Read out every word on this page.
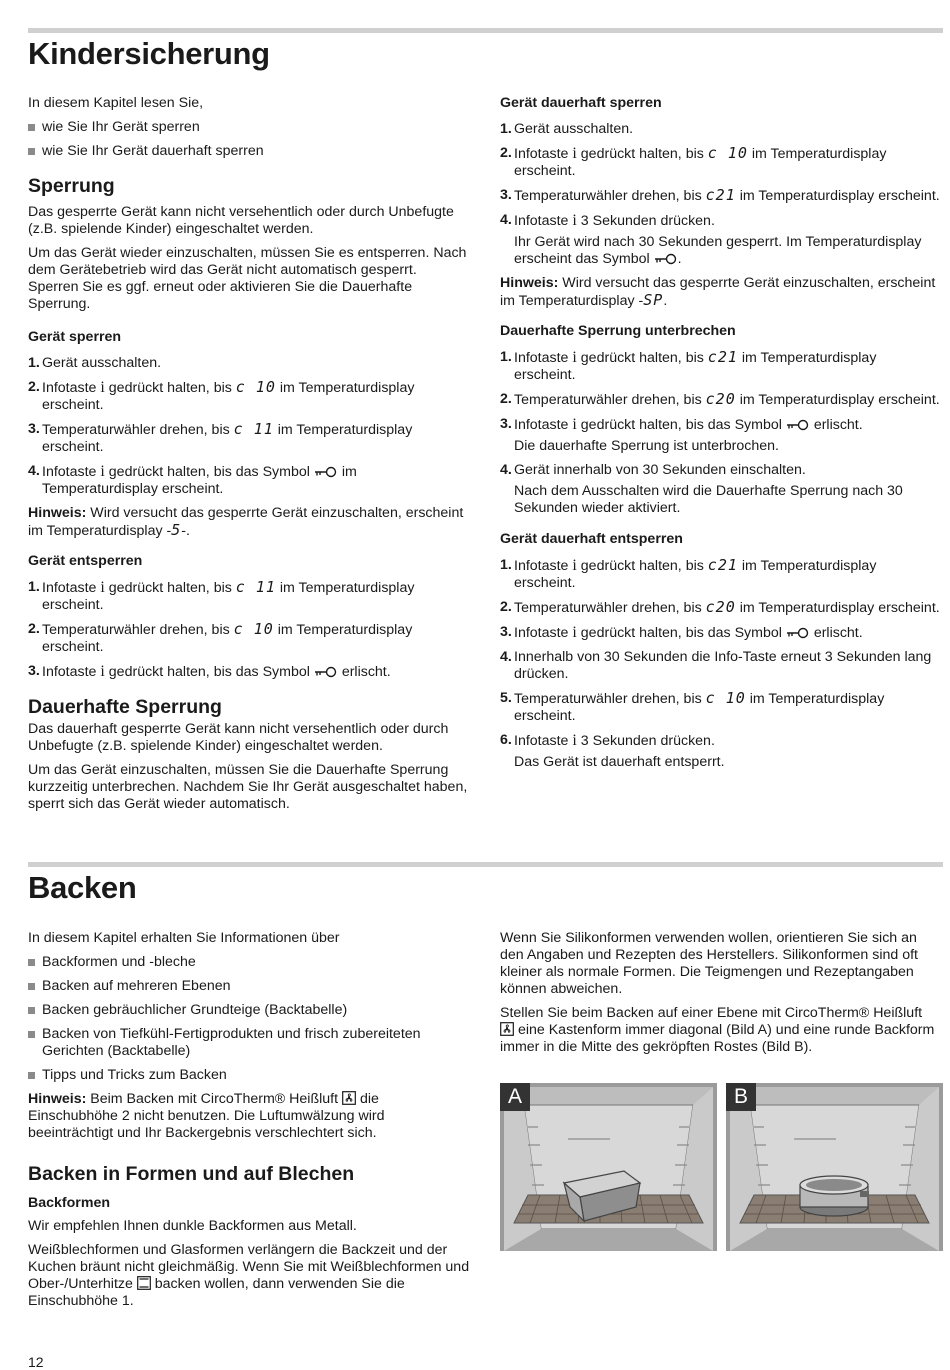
Kindersicherung

In diesem Kapitel lesen Sie,

wie Sie Ihr Gerät sperren
wie Sie Ihr Gerät dauerhaft sperren
Sperrung

Das gesperrte Gerät kann nicht versehentlich oder durch Unbefugte (z.B. spielende Kinder) eingeschaltet werden.

Um das Gerät wieder einzuschalten, müssen Sie es entsperren. Nach dem Gerätebetrieb wird das Gerät nicht automatisch gesperrt. Sperren Sie es ggf. erneut oder aktivieren Sie die Dauerhafte Sperrung.

Gerät sperren
1. Gerät ausschalten.
2. Infotaste i gedrückt halten, bis c 10 im Temperaturdisplay erscheint.
3. Temperaturwähler drehen, bis c 11 im Temperaturdisplay erscheint.
4. Infotaste i gedrückt halten, bis das Symbol im Temperaturdisplay erscheint.

Hinweis: Wird versucht das gesperrte Gerät einzuschalten, erscheint im Temperaturdisplay -5-.

Gerät entsperren
1. Infotaste i gedrückt halten, bis c 11 im Temperaturdisplay erscheint.
2. Temperaturwähler drehen, bis c 10 im Temperaturdisplay erscheint.
3. Infotaste i gedrückt halten, bis das Symbol erlischt.
Dauerhafte Sperrung

Das dauerhaft gesperrte Gerät kann nicht versehentlich oder durch Unbefugte (z.B. spielende Kinder) eingeschaltet werden.

Um das Gerät einzuschalten, müssen Sie die Dauerhafte Sperrung kurzzeitig unterbrechen. Nachdem Sie Ihr Gerät ausgeschaltet haben, sperrt sich das Gerät wieder automatisch.

Gerät dauerhaft sperren
1. Gerät ausschalten.
2. Infotaste i gedrückt halten, bis c 10 im Temperaturdisplay erscheint.
3. Temperaturwähler drehen, bis c21 im Temperaturdisplay erscheint.
4. Infotaste i 3 Sekunden drücken.
Ihr Gerät wird nach 30 Sekunden gesperrt. Im Temperaturdisplay erscheint das Symbol .

Hinweis: Wird versucht das gesperrte Gerät einzuschalten, erscheint im Temperaturdisplay -SP.

Dauerhafte Sperrung unterbrechen
1. Infotaste i gedrückt halten, bis c21 im Temperaturdisplay erscheint.
2. Temperaturwähler drehen, bis c20 im Temperaturdisplay erscheint.
3. Infotaste i gedrückt halten, bis das Symbol erlischt.
Die dauerhafte Sperrung ist unterbrochen.
4. Gerät innerhalb von 30 Sekunden einschalten.
Nach dem Ausschalten wird die Dauerhafte Sperrung nach 30 Sekunden wieder aktiviert.
Gerät dauerhaft entsperren
1. Infotaste i gedrückt halten, bis c21 im Temperaturdisplay erscheint.
2. Temperaturwähler drehen, bis c20 im Temperaturdisplay erscheint.
3. Infotaste i gedrückt halten, bis das Symbol erlischt.
4. Innerhalb von 30 Sekunden die Info-Taste erneut 3 Sekunden lang drücken.
5. Temperaturwähler drehen, bis c 10 im Temperaturdisplay erscheint.
6. Infotaste i 3 Sekunden drücken.
Das Gerät ist dauerhaft entsperrt.
Backen

In diesem Kapitel erhalten Sie Informationen über

Backformen und -bleche
Backen auf mehreren Ebenen
Backen gebräuchlicher Grundteige (Backtabelle)
Backen von Tiefkühl-Fertigprodukten und frisch zubereiteten Gerichten (Backtabelle)
Tipps und Tricks zum Backen

Hinweis: Beim Backen mit CircoTherm® Heißluft die Einschubhöhe 2 nicht benutzen. Die Luftumwälzung wird beeinträchtigt und Ihr Backergebnis verschlechtert sich.

Backen in Formen und auf Blechen
Backformen

Wir empfehlen Ihnen dunkle Backformen aus Metall.

Weißblechformen und Glasformen verlängern die Backzeit und der Kuchen bräunt nicht gleichmäßig. Wenn Sie mit Weißblechformen und Ober-/Unterhitze backen wollen, dann verwenden Sie die Einschubhöhe 1.

Wenn Sie Silikonformen verwenden wollen, orientieren Sie sich an den Angaben und Rezepten des Herstellers. Silikonformen sind oft kleiner als normale Formen. Die Teigmengen und Rezeptangaben können abweichen.

Stellen Sie beim Backen auf einer Ebene mit CircoTherm® Heißluft  eine Kastenform immer diagonal (Bild A) und eine runde Backform immer in die Mitte des gekröpften Rostes (Bild B).

A	B
12
